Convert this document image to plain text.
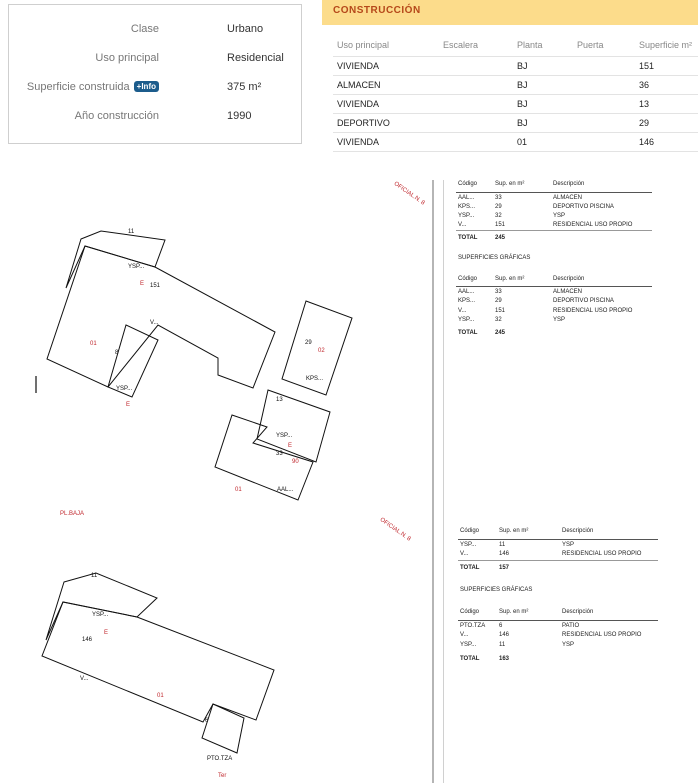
Clase	Urbano
Uso principal	Residencial
Superficie construida +Info	375 m²
Año construcción	1990
CONSTRUCCIÓN
Uso principal	Escalera	Planta	Puerta	Superficie m²
VIVIENDA		BJ		151
ALMACEN		BJ		36
VIVIENDA		BJ		13
DEPORTIVO		BJ		29
VIVIENDA		01		146
11
YSP...
E 151
V...
01
8
YSP...
E
29
02
KPS...
13
YSP...
E
33
90
01	AAL...
PL.BAJA
OFICIAL.N. 8
11
YSP...
E
146
V...
01
6
PTO.TZA
Ter
OFICIAL.N. 8
Código	Sup. en m²	Descripción
AAL...	33	ALMACEN
KPS...	29	DEPORTIVO PISCINA
YSP...	32	YSP
V...	151	RESIDENCIAL USO PROPIO
TOTAL	245
SUPERFICIES GRÁFICAS
Código	Sup. en m²	Descripción
AAL...	33	ALMACEN
KPS...	29	DEPORTIVO PISCINA
V...	151	RESIDENCIAL USO PROPIO
YSP...	32	YSP
TOTAL	245
Código	Sup. en m²	Descripción
YSP...	11	YSP
V...	146	RESIDENCIAL USO PROPIO
TOTAL	157
SUPERFICIES GRÁFICAS
Código	Sup. en m²	Descripción
PTO.TZA 6	PATIO
V...	146	RESIDENCIAL USO PROPIO
YSP...	11	YSP
TOTAL	163
